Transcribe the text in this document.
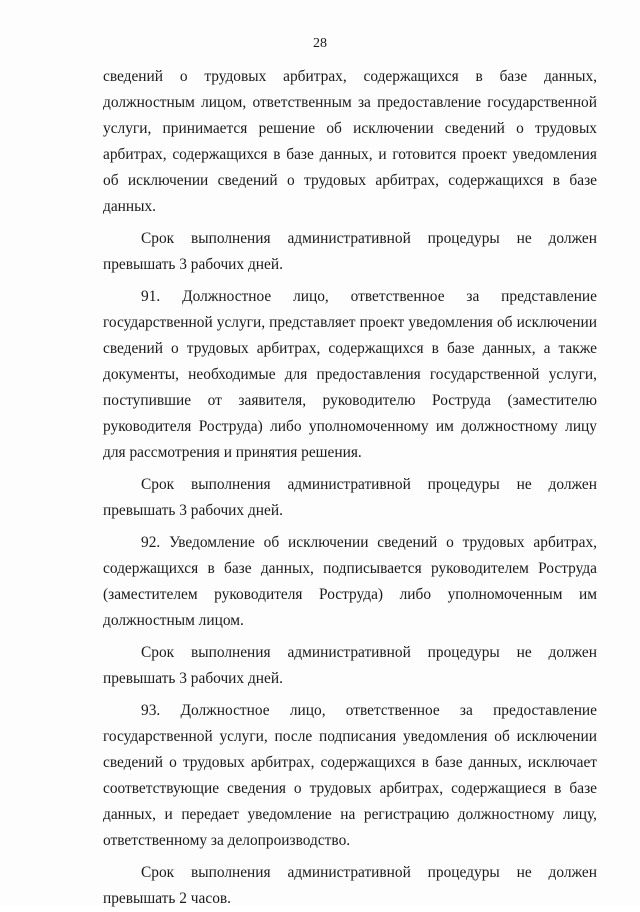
28

сведений о трудовых арбитрах, содержащихся в базе данных, должностным лицом, ответственным за предоставление государственной услуги, принимается решение об исключении сведений о трудовых арбитрах, содержащихся в базе данных, и готовится проект уведомления об исключении сведений о трудовых арбитрах, содержащихся в базе данных.

Срок выполнения административной процедуры не должен превышать 3 рабочих дней.

91. Должностное лицо, ответственное за представление государственной услуги, представляет проект уведомления об исключении сведений о трудовых арбитрах, содержащихся в базе данных, а также документы, необходимые для предоставления государственной услуги, поступившие от заявителя, руководителю Роструда (заместителю руководителя Роструда) либо уполномоченному им должностному лицу для рассмотрения и принятия решения.

Срок выполнения административной процедуры не должен превышать 3 рабочих дней.

92. Уведомление об исключении сведений о трудовых арбитрах, содержащихся в базе данных, подписывается руководителем Роструда (заместителем руководителя Роструда) либо уполномоченным им должностным лицом.

Срок выполнения административной процедуры не должен превышать 3 рабочих дней.

93. Должностное лицо, ответственное за предоставление государственной услуги, после подписания уведомления об исключении сведений о трудовых арбитрах, содержащихся в базе данных, исключает соответствующие сведения о трудовых арбитрах, содержащиеся в базе данных, и передает уведомление на регистрацию должностному лицу, ответственному за делопроизводство.

Срок выполнения административной процедуры не должен превышать 2 часов.
